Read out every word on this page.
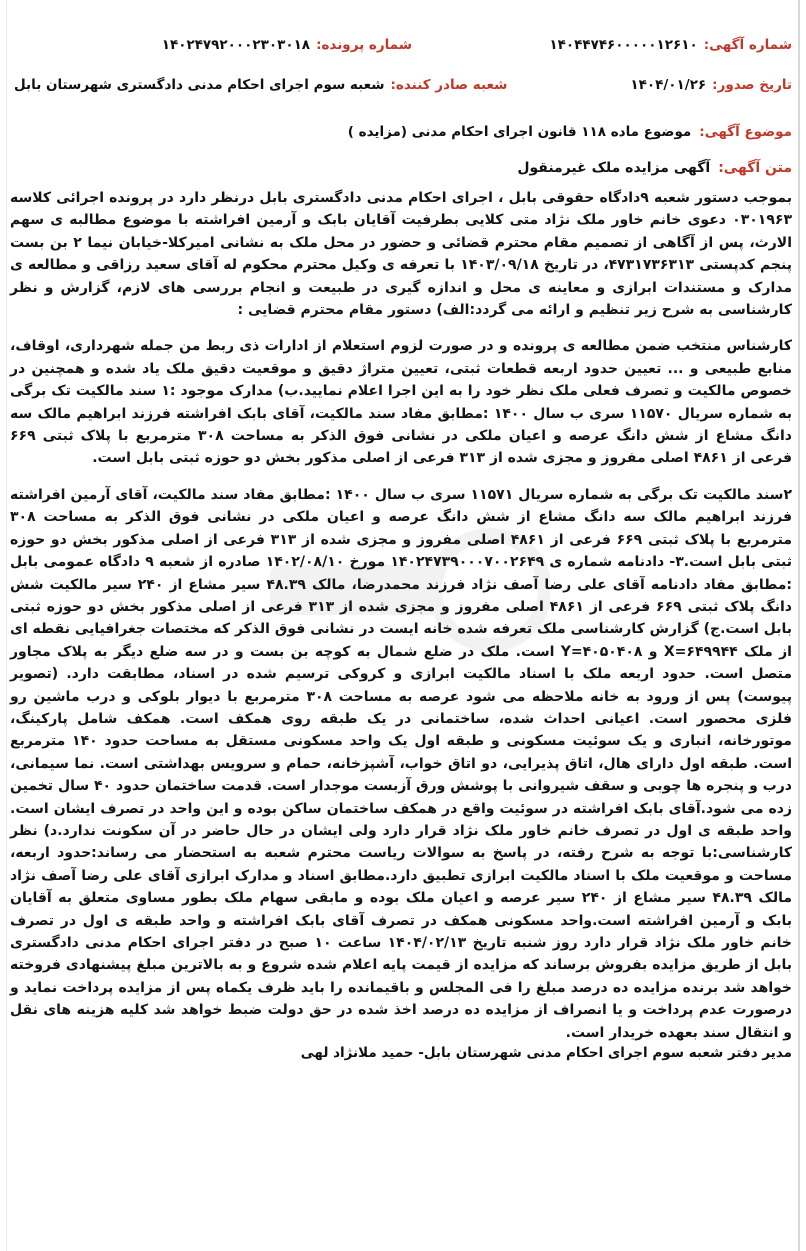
شماره آگهی:
۱۴۰۴۴۷۴۶۰۰۰۰۰۱۲۶۱۰
شماره پرونده:
۱۴۰۲۴۷۹۲۰۰۰۲۳۰۳۰۱۸
تاریخ صدور:
۱۴۰۴/۰۱/۲۶
شعبه صادر کننده:
شعبه سوم اجرای احکام مدنی دادگستری شهرستان بابل
موضوع آگهی:
موضوع ماده ۱۱۸ قانون اجرای احکام مدنی (مزایده )
متن آگهی:
آگهی مزایده ملک غیرمنقول

بموجب دستور شعبه ۹دادگاه حقوقی بابل ، اجرای احکام مدنی دادگستری بابل درنظر دارد در پرونده اجرائی کلاسه ۰۳۰۱۹۶۳ دعوی خانم خاور ملک نژاد متی کلایی بطرفیت آقایان بابک و آرمین افراشته با موضوع مطالبه ی سهم الارث، پس از آگاهی از تصمیم مقام محترم قضائی و حضور در محل ملک به نشانی امیرکلا-خیابان نیما ۲ بن بست پنجم کدپستی ۴۷۳۱۷۳۶۳۱۳، در تاریخ ۱۴۰۳/۰۹/۱۸ با تعرفه ی وکیل محترم محکوم له آقای سعید رزاقی و مطالعه ی مدارک و مستندات ابرازی و معاینه ی محل و اندازه گیری در طبیعت و انجام بررسی های لازم، گزارش و نظر کارشناسی به شرح زیر تنظیم و ارائه می گردد:الف) دستور مقام محترم قضایی :

کارشناس منتخب ضمن مطالعه ی پرونده و در صورت لزوم استعلام از ادارات ذی ربط من جمله شهرداری، اوقاف، منابع طبیعی و ... تعیین حدود اربعه قطعات ثبتی، تعیین متراژ دقیق و موقعیت دقیق ملک یاد شده و همچنین در خصوص مالکیت و تصرف فعلی ملک نظر خود را به این اجرا اعلام نمایید.ب) مدارک موجود :۱ سند مالکیت تک برگی به شماره سریال ۱۱۵۷۰ سری ب سال ۱۴۰۰ :مطابق مفاد سند مالکیت، آقای بابک افراشته فرزند ابراهیم مالک سه دانگ مشاع از شش دانگ عرصه و اعیان ملکی در نشانی فوق الذکر به مساحت ۳۰۸ مترمربع با پلاک ثبتی ۶۶۹ فرعی از ۴۸۶۱ اصلی مفروز و مجزی شده از ۳۱۳ فرعی از اصلی مذکور بخش دو حوزه ثبتی بابل است.

۲سند مالکیت تک برگی به شماره سریال ۱۱۵۷۱ سری ب سال ۱۴۰۰ :مطابق مفاد سند مالکیت، آقای آرمین افراشته فرزند ابراهیم مالک سه دانگ مشاع از شش دانگ عرصه و اعیان ملکی در نشانی فوق الذکر به مساحت ۳۰۸ مترمربع با پلاک ثبتی ۶۶۹ فرعی از ۴۸۶۱ اصلی مفروز و مجزی شده از ۳۱۳ فرعی از اصلی مذکور بخش دو حوزه ثبتی بابل است.۳- دادنامه شماره ی ۱۴۰۲۴۷۳۹۰۰۰۷۰۰۲۶۴۹ مورخ ۱۴۰۲/۰۸/۱۰ صادره از شعبه ۹ دادگاه عمومی بابل :مطابق مفاد دادنامه آقای علی رضا آصف نژاد فرزند محمدرضا، مالک ۴۸.۳۹ سیر مشاع از ۲۴۰ سیر مالکیت شش دانگ پلاک ثبتی ۶۶۹ فرعی از ۴۸۶۱ اصلی مفروز و مجزی شده از ۳۱۳ فرعی از اصلی مذکور بخش دو حوزه ثبتی بابل است.ج) گزارش کارشناسی ملک تعرفه شده خانه ایست در نشانی فوق الذکر که مختصات جغرافیایی نقطه ای از ملک X=۶۴۹۹۴۴ و Y=۴۰۵۰۴۰۸ است. ملک در ضلع شمال به کوچه بن بست و در سه ضلع دیگر به پلاک مجاور متصل است. حدود اربعه ملک با اسناد مالکیت ابرازی و کروکی ترسیم شده در اسناد، مطابقت دارد. (تصویر پیوست) پس از ورود به خانه ملاحظه می شود عرصه به مساحت ۳۰۸ مترمربع با دیوار بلوکی و درب ماشین رو فلزی محصور است. اعیانی احداث شده، ساختمانی در یک طبقه روی همکف است. همکف شامل پارکینگ، موتورخانه، انباری و یک سوئیت مسکونی و طبقه اول یک واحد مسکونی مستقل به مساحت حدود ۱۴۰ مترمربع است. طبقه اول دارای هال، اتاق پذیرایی، دو اتاق خواب، آشپزخانه، حمام و سرویس بهداشتی است. نما سیمانی، درب و پنجره ها چوبی و سقف شیروانی با پوشش ورق آزبست موجدار است. قدمت ساختمان حدود ۴۰ سال تخمین زده می شود.آقای بابک افراشته در سوئیت واقع در همکف ساختمان ساکن بوده و این واحد در تصرف ایشان است. واحد طبقه ی اول در تصرف خانم خاور ملک نژاد قرار دارد ولی ایشان در حال حاضر در آن سکونت ندارد.د) نظر کارشناسی:با توجه به شرح رفته، در پاسخ به سوالات ریاست محترم شعبه به استحضار می رساند:حدود اربعه، مساحت و موقعیت ملک با اسناد مالکیت ابرازی تطبیق دارد.مطابق اسناد و مدارک ابرازی آقای علی رضا آصف نژاد مالک ۴۸.۳۹ سیر مشاع از ۲۴۰ سیر عرصه و اعیان ملک بوده و مابقی سهام ملک بطور مساوی متعلق به آقایان بابک و آرمین افراشته است.واحد مسکونی همکف در تصرف آقای بابک افراشته و واحد طبقه ی اول در تصرف خانم خاور ملک نژاد قرار دارد روز شنبه تاریخ ۱۴۰۴/۰۲/۱۳ ساعت ۱۰ صبح در دفتر اجرای احکام مدنی دادگستری بابل از طریق مزایده بفروش برساند که مزایده از قیمت پایه اعلام شده شروع و به بالاترین مبلغ پیشنهادی فروخته خواهد شد برنده مزایده ده درصد مبلغ را فی المجلس و باقیمانده را باید ظرف یکماه پس از مزایده پرداخت نماید و درصورت عدم پرداخت و یا انصراف از مزایده ده درصد اخذ شده در حق دولت ضبط خواهد شد کلیه هزینه های نقل و انتقال سند بعهده خریدار است.

مدیر دفتر شعبه سوم اجرای احکام مدنی شهرستان بابل- حمید ملانژاد لهی
